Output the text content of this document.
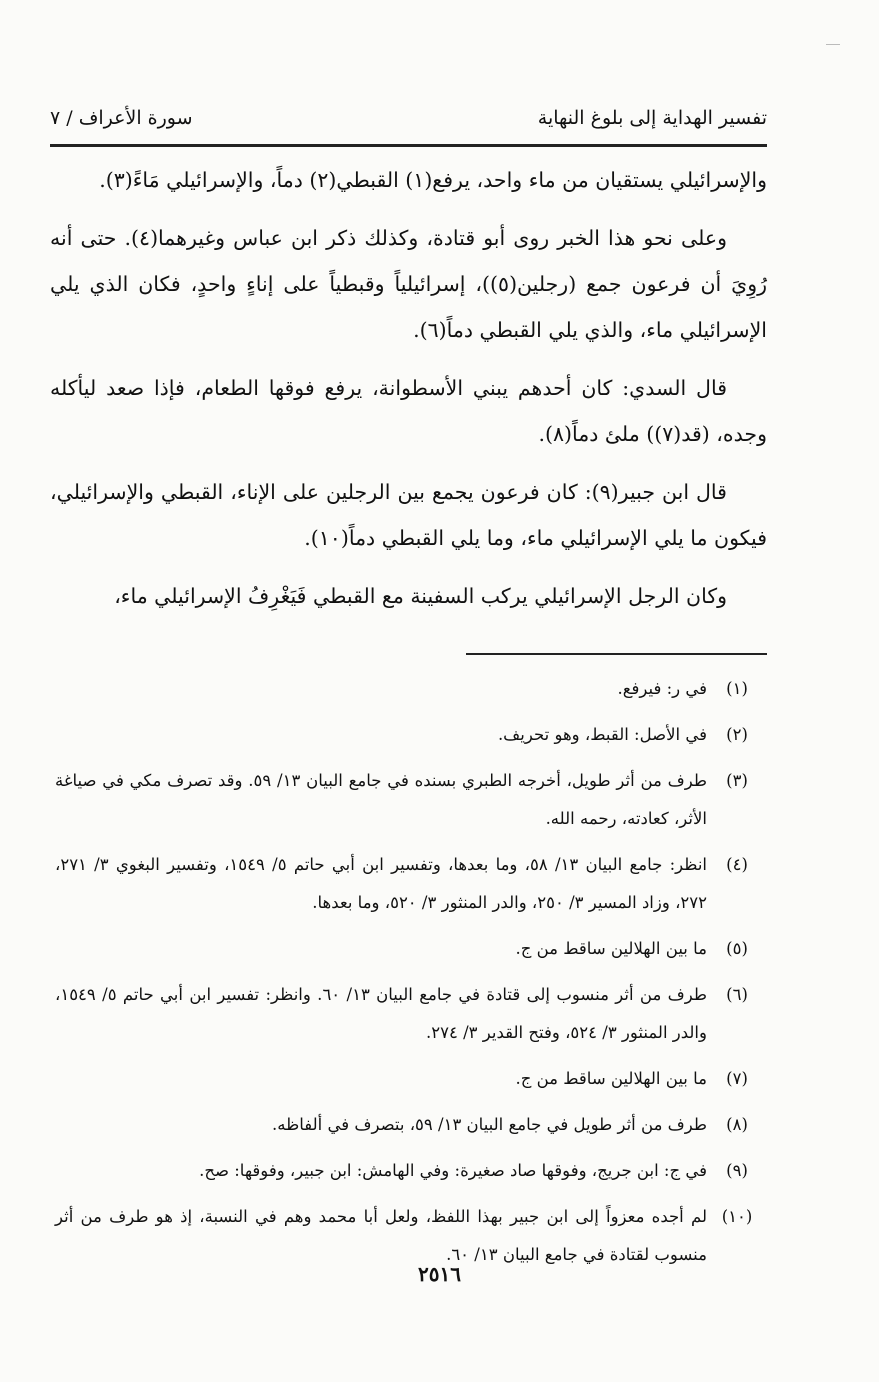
تفسير الهداية إلى بلوغ النهاية
سورة الأعراف / ٧

والإسرائيلي يستقيان من ماء واحد، يرفع(١) القبطي(٢) دماً، والإسرائيلي مَاءً(٣).

وعلى نحو هذا الخبر روى أبو قتادة، وكذلك ذكر ابن عباس وغيرهما(٤). حتى أنه رُوِيَ أن فرعون جمع (رجلين(٥))، إسرائيلياً وقبطياً على إناءٍ واحدٍ، فكان الذي يلي الإسرائيلي ماء، والذي يلي القبطي دماً(٦).

قال السدي: كان أحدهم يبني الأسطوانة، يرفع فوقها الطعام، فإذا صعد ليأكله وجده، (قد(٧)) ملئ دماً(٨).

قال ابن جبير(٩): كان فرعون يجمع بين الرجلين على الإناء، القبطي والإسرائيلي، فيكون ما يلي الإسرائيلي ماء، وما يلي القبطي دماً(١٠).

وكان الرجل الإسرائيلي يركب السفينة مع القبطي فَيَغْرِفُ الإسرائيلي ماء،

(١)
في ر: فيرفع.
(٢)
في الأصل: القبط، وهو تحريف.
(٣)
طرف من أثر طويل، أخرجه الطبري بسنده في جامع البيان ١٣/ ٥٩. وقد تصرف مكي في صياغة الأثر، كعادته، رحمه الله.
(٤)
انظر: جامع البيان ١٣/ ٥٨، وما بعدها، وتفسير ابن أبي حاتم ٥/ ١٥٤٩، وتفسير البغوي ٣/ ٢٧١، ٢٧٢، وزاد المسير ٣/ ٢٥٠، والدر المنثور ٣/ ٥٢٠، وما بعدها.
(٥)
ما بين الهلالين ساقط من ج.
(٦)
طرف من أثر منسوب إلى قتادة في جامع البيان ١٣/ ٦٠. وانظر: تفسير ابن أبي حاتم ٥/ ١٥٤٩، والدر المنثور ٣/ ٥٢٤، وفتح القدير ٣/ ٢٧٤.
(٧)
ما بين الهلالين ساقط من ج.
(٨)
طرف من أثر طويل في جامع البيان ١٣/ ٥٩، بتصرف في ألفاظه.
(٩)
في ج: ابن جريج، وفوقها صاد صغيرة: وفي الهامش: ابن جبير، وفوقها: صح.
(١٠)
لم أجده معزواً إلى ابن جبير بهذا اللفظ، ولعل أبا محمد وهم في النسبة، إذ هو طرف من أثر منسوب لقتادة في جامع البيان ١٣/ ٦٠.
٢٥١٦
